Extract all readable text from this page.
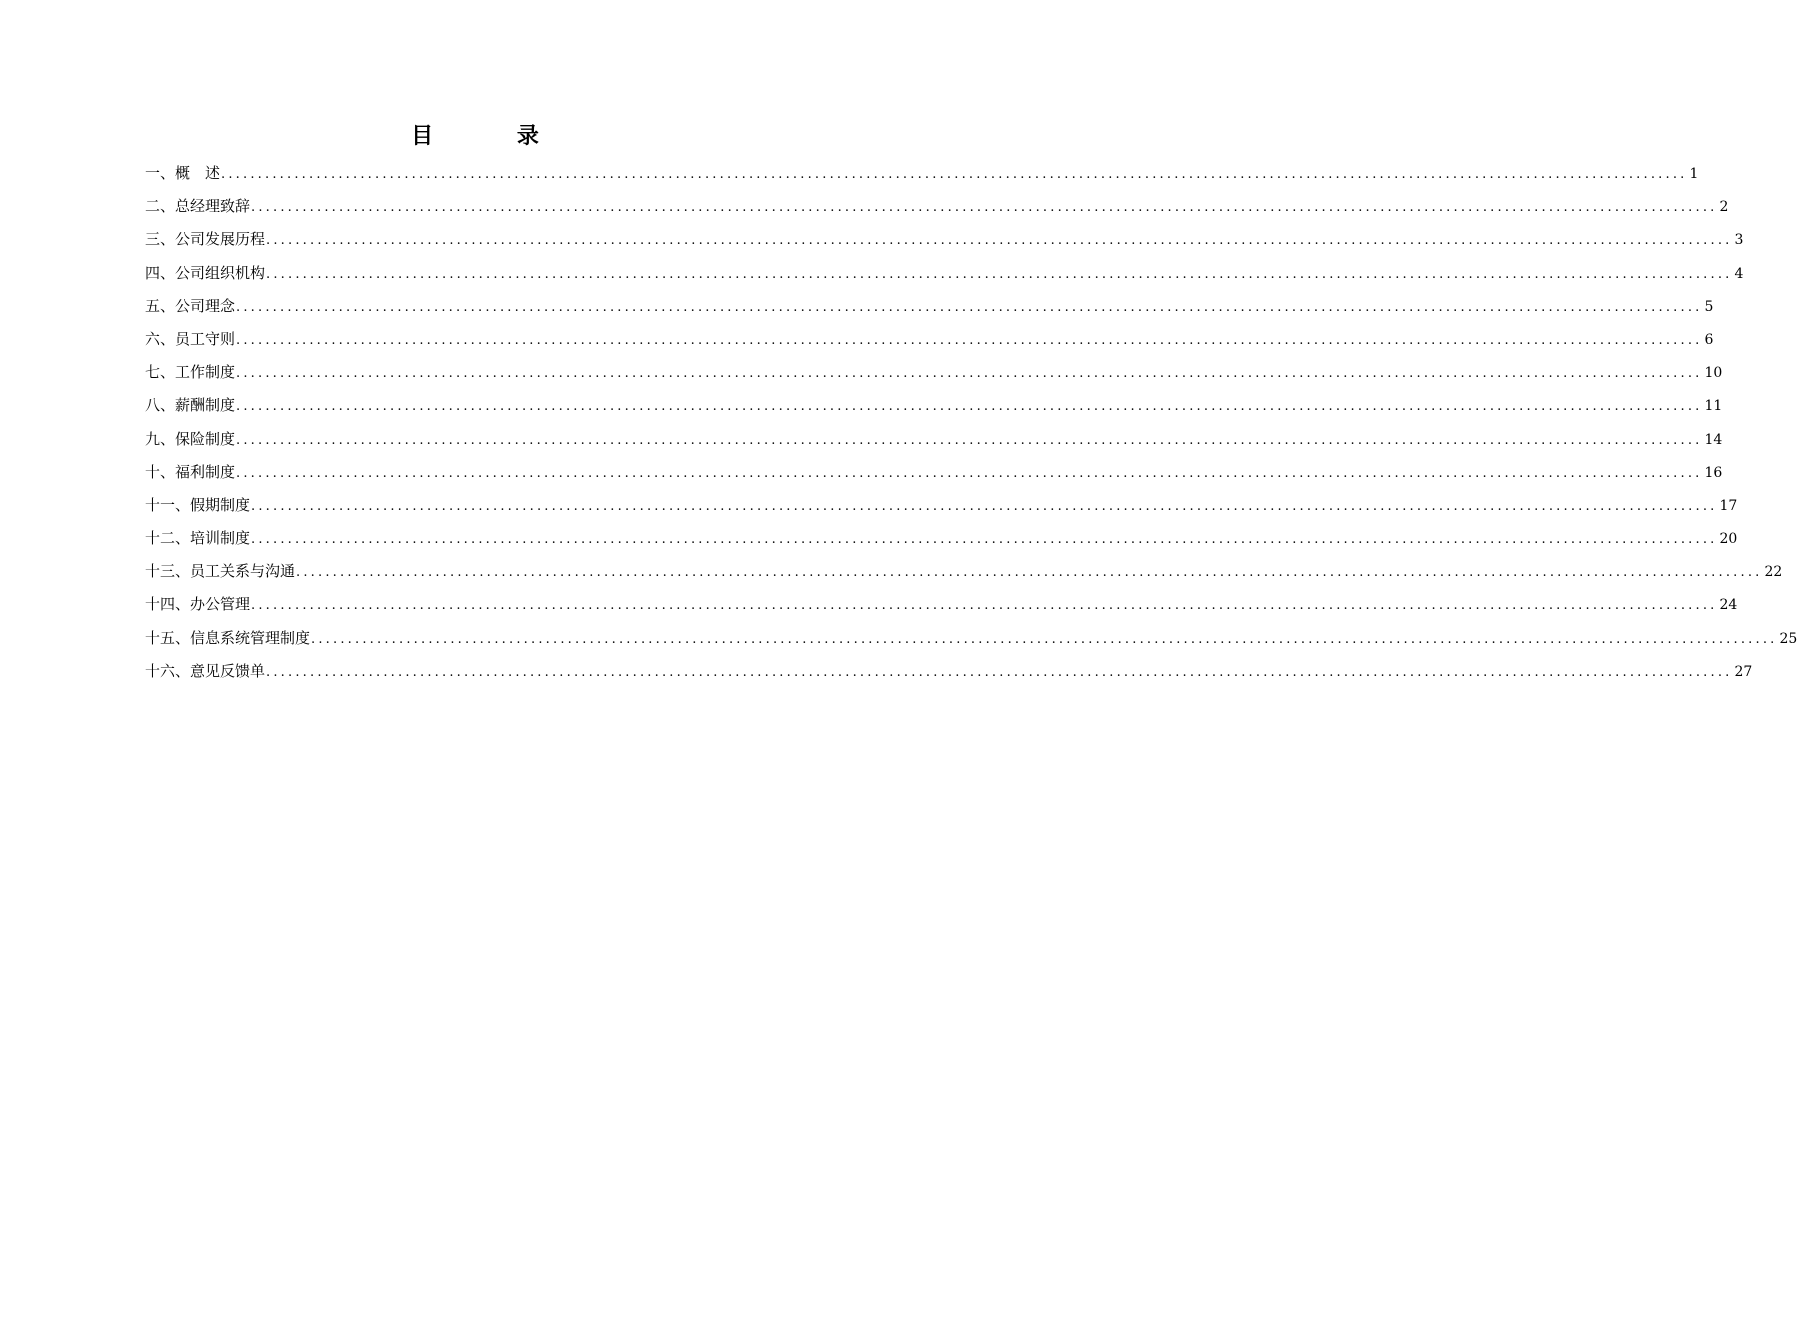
目 录
一、概　述 ........................................................................................................................................................................................................ 1
二、总经理致辞 ........................................................................................................................................................................................................ 2
三、公司发展历程 ........................................................................................................................................................................................................ 3
四、公司组织机构 ........................................................................................................................................................................................................ 4
五、公司理念 ........................................................................................................................................................................................................ 5
六、员工守则 ........................................................................................................................................................................................................ 6
七、工作制度 ........................................................................................................................................................................................................ 10
八、薪酬制度 ........................................................................................................................................................................................................ 11
九、保险制度 ........................................................................................................................................................................................................ 14
十、福利制度 ........................................................................................................................................................................................................ 16
十一、假期制度 ........................................................................................................................................................................................................ 17
十二、培训制度 ........................................................................................................................................................................................................ 20
十三、员工关系与沟通 ........................................................................................................................................................................................................ 22
十四、办公管理 ........................................................................................................................................................................................................ 24
十五、信息系统管理制度 ........................................................................................................................................................................................................ 25
十六、意见反馈单 ........................................................................................................................................................................................................ 27
